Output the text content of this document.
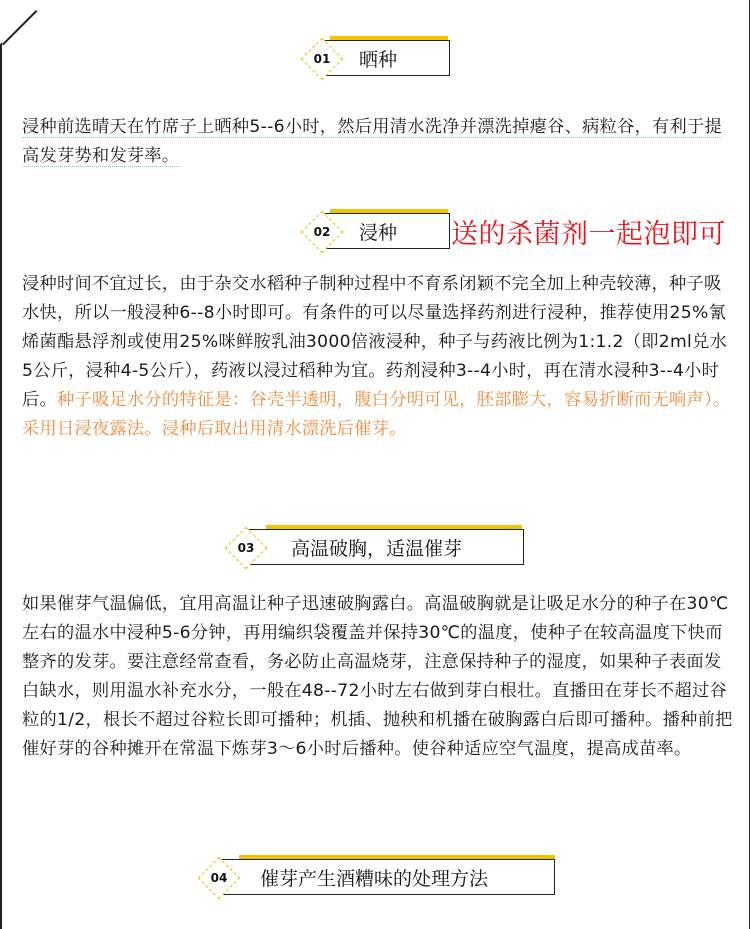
晒种
01
浸种前选晴天在竹席子上晒种5--6小时，然后用清水洗净并漂洗掉瘪谷、病粒谷，有利于提高发芽势和发芽率。
浸种
02	送的杀菌剂一起泡即可
浸种时间不宜过长，由于杂交水稻种子制种过程中不育系闭颖不完全加上种壳较薄，种子吸水快，所以一般浸种6--8小时即可。有条件的可以尽量选择药剂进行浸种，推荐使用25%氰烯菌酯悬浮剂或使用25%咪鲜胺乳油3000倍液浸种，种子与药液比例为1:1.2（即2ml兑水5公斤，浸种4-5公斤），药液以浸过稻种为宜。药剂浸种3--4小时，再在清水浸种3--4小时后。种子吸足水分的特征是：谷壳半透明，腹白分明可见，胚部膨大，容易折断而无响声）。采用日浸夜露法。浸种后取出用清水漂洗后催芽。
高温破胸，适温催芽
03
如果催芽气温偏低，宜用高温让种子迅速破胸露白。高温破胸就是让吸足水分的种子在30℃左右的温水中浸种5-6分钟，再用编织袋覆盖并保持30℃的温度，使种子在较高温度下快而整齐的发芽。要注意经常查看，务必防止高温烧芽，注意保持种子的湿度，如果种子表面发白缺水，则用温水补充水分，一般在48--72小时左右做到芽白根壮。直播田在芽长不超过谷粒的1/2，根长不超过谷粒长即可播种；机插、抛秧和机播在破胸露白后即可播种。播种前把催好芽的谷种摊开在常温下炼芽3～6小时后播种。使谷种适应空气温度，提高成苗率。
催芽产生酒糟味的处理方法
04
